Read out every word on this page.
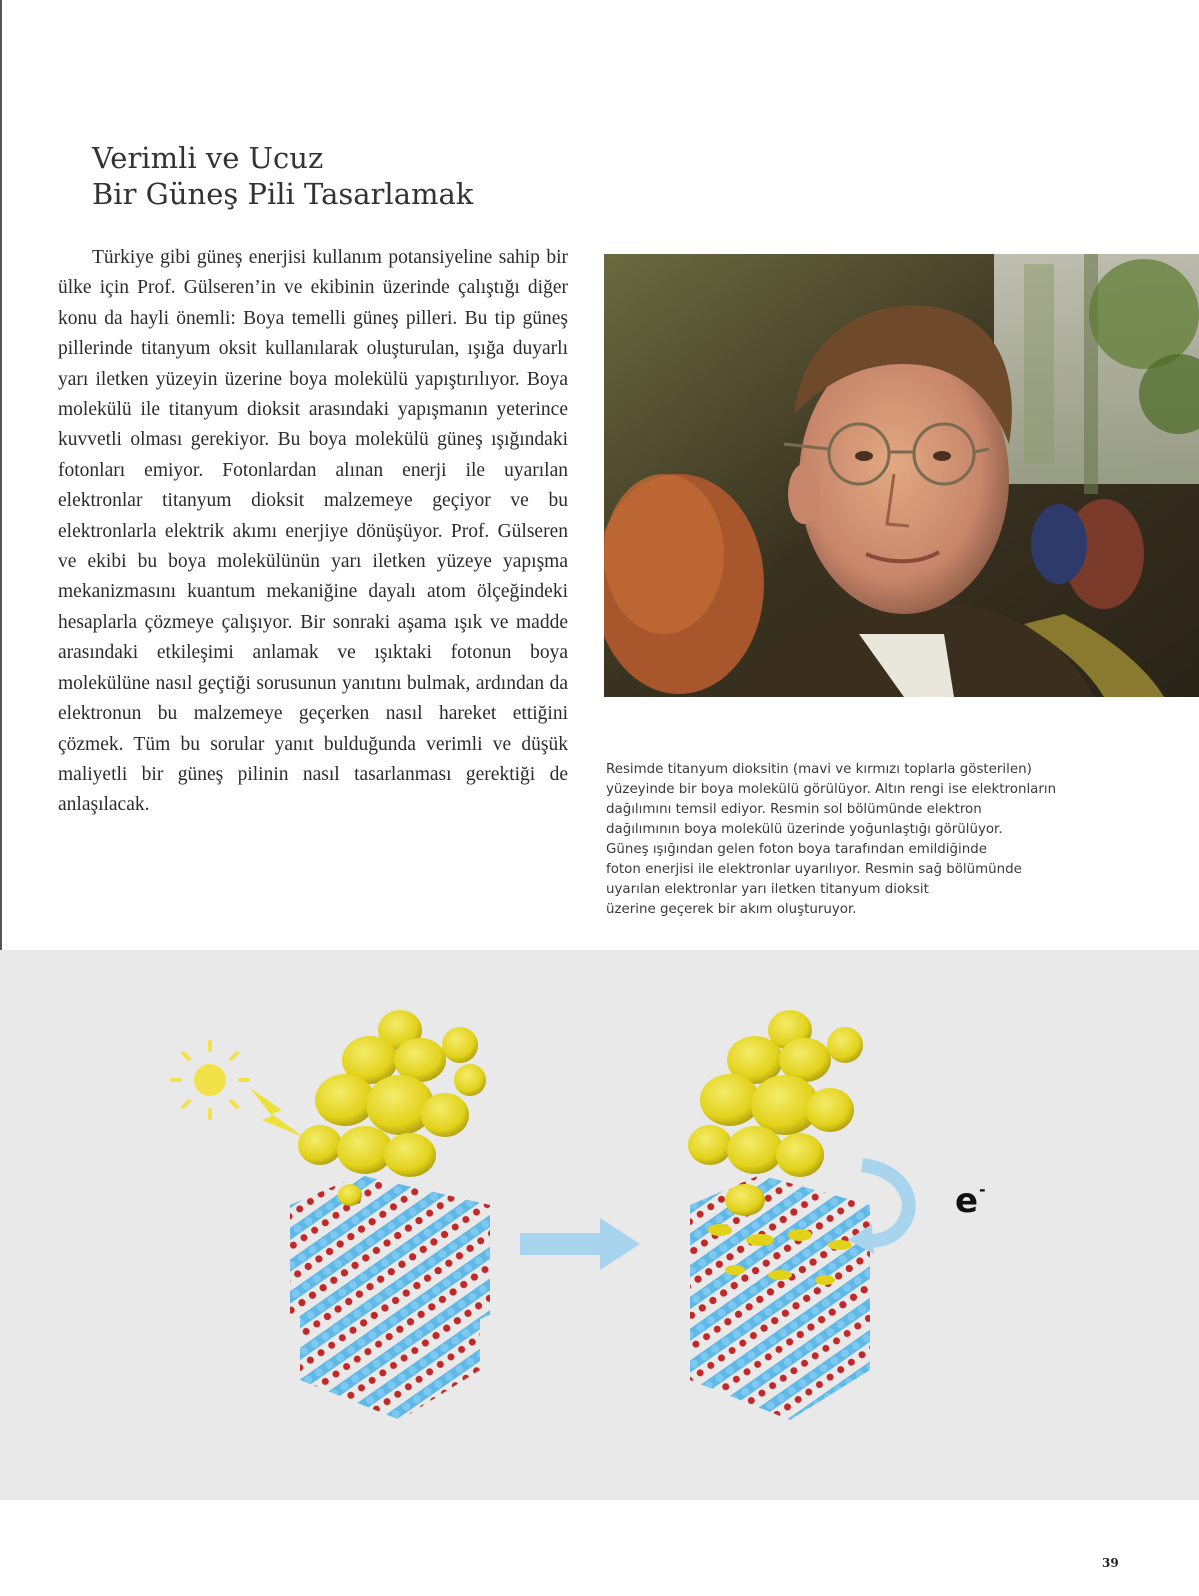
Verimli ve Ucuz
Bir Güneş Pili Tasarlamak

Türkiye gibi güneş enerjisi kullanım potansiyeline sahip bir ülke için Prof. Gülseren’in ve ekibinin üzerinde çalıştığı diğer konu da hayli önemli: Boya temelli güneş pilleri. Bu tip güneş pillerinde titanyum oksit kullanılarak oluşturulan, ışığa duyarlı yarı iletken yüzeyin üzerine boya molekülü yapıştırılıyor. Boya molekülü ile titanyum dioksit arasındaki yapışmanın yeterince kuvvetli olması gerekiyor. Bu boya molekülü güneş ışığındaki fotonları emiyor. Fotonlardan alınan enerji ile uyarılan elektronlar titanyum dioksit malzemeye geçiyor ve bu elektronlarla elektrik akımı enerjiye dönüşüyor. Prof. Gülseren ve ekibi bu boya molekülünün yarı iletken yüzeye yapışma mekanizmasını kuantum mekaniğine dayalı atom ölçeğindeki hesaplarla çözmeye çalışıyor. Bir sonraki aşama ışık ve madde arasındaki etkileşimi anlamak ve ışıktaki fotonun boya molekülüne nasıl geçtiği sorusunun yanıtını bulmak, ardından da elektronun bu malzemeye geçerken nasıl hareket ettiğini çözmek. Tüm bu sorular yanıt bulduğunda verimli ve düşük maliyetli bir güneş pilinin nasıl tasarlanması gerektiği de anlaşılacak.

Resimde titanyum dioksitin (mavi ve kırmızı toplarla gösterilen)
yüzeyinde bir boya molekülü görülüyor. Altın rengi ise elektronların
dağılımını temsil ediyor. Resmin sol bölümünde elektron
dağılımının boya molekülü üzerinde yoğunlaştığı görülüyor.
Güneş ışığından gelen foton boya tarafından emildiğinde
foton enerjisi ile elektronlar uyarılıyor. Resmin sağ bölümünde
uyarılan elektronlar yarı iletken titanyum dioksit
üzerine geçerek bir akım oluşturuyor.

e -
39
